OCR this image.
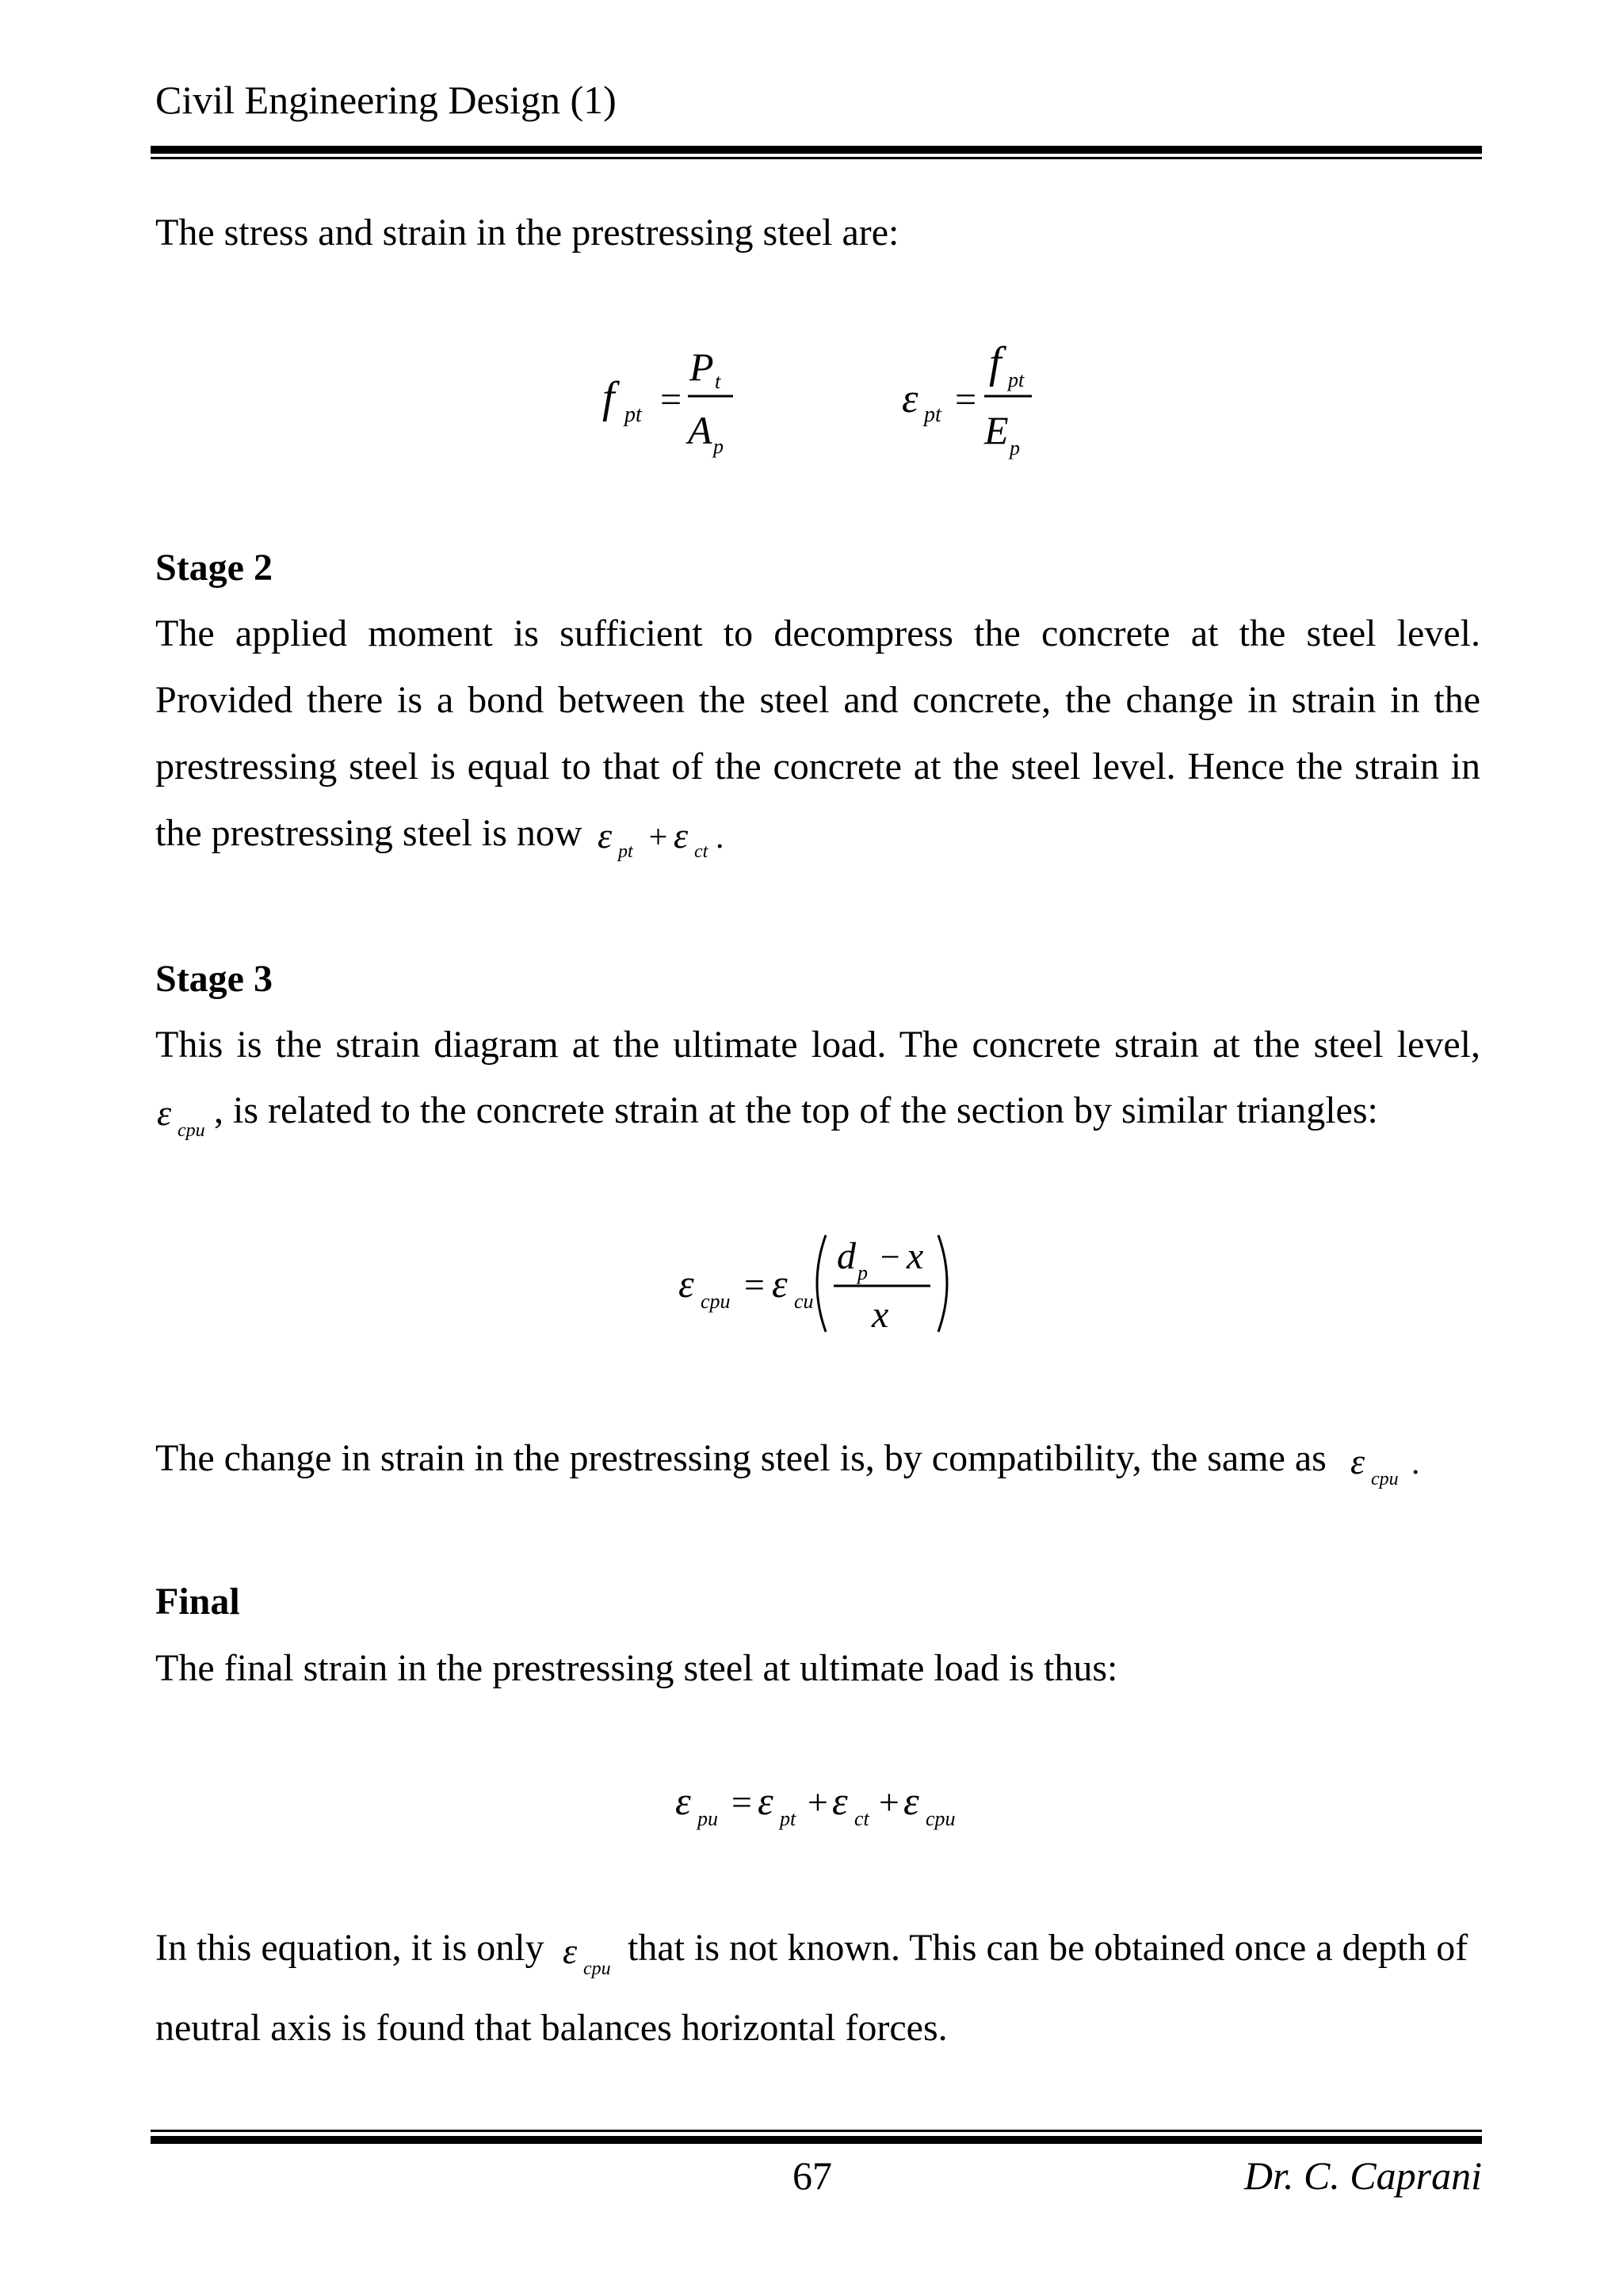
Civil Engineering Design (1)
The stress and strain in the prestressing steel are:
f pt =
P t
A p
ε pt =
f pt
E p
Stage 2
The applied moment is sufficient to decompress the concrete at the steel level.
Provided there is a bond between the steel and concrete, the change in strain in the
prestressing steel is equal to that of the concrete at the steel level. Hence the strain in
the prestressing steel is now ε pt + ε ct .
Stage 3
This is the strain diagram at the ultimate load. The concrete strain at the steel level,
ε cpu , is related to the concrete strain at the top of the section by similar triangles:
ε cpu = ε cu
d p − x
x
The change in strain in the prestressing steel is, by compatibility, the same as ε cpu .
Final
The final strain in the prestressing steel at ultimate load is thus:
ε pu = ε pt + ε ct + ε cpu
In this equation, it is only ε cpu that is not known. This can be obtained once a depth of
neutral axis is found that balances horizontal forces.
67	Dr. C. Caprani
